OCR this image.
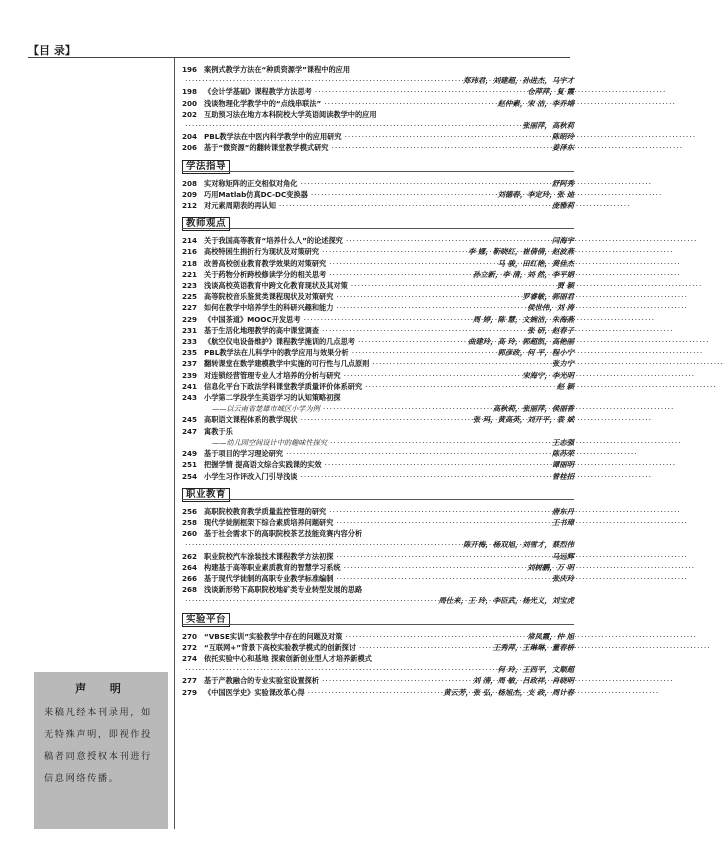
【目 录】
196 案例式教学方法在“种质资源学”课程中的应用
·····
郑玮君，刘建超，孙进杰，马宇才
198 《会计学基础》课程教学方法思考 ·····	仓萍萍，复 霞
200 浅谈物理化学教学中的“点线串联法” ·····	赵仲素，宋 洁，李乔靖
202 互助预习法在地方本科院校大学英语阅读教学中的应用
·····
张丽萍，高秋莉
204 PBL教学法在中医内科学教学中的应用研究 ·····	陈昭玲
206 基于“微资源”的翻转课堂教学模式研究 ·····	姜泽东
学法指导
208 实对称矩阵的正交相似对角化 ·····	舒阿秀
209 巧用Matlab仿真DC-DC变换器 ·····	刘德春，李定玲，张 迪
212 对元素周期表的再认知 ·····	庞雅莉
教师观点
214 关于我国高等教育“培养什么人”的论述探究 ·····	闫海宇
216 高校特困生捐折行为现状及对策研究 ·····	李 娜，靳晓红，崔倩倩，赵波燕
218 改善高校创业教育教学效果的对策研究 ·····	马 骏，田红艳，黄佳杰
221 关于药物分析跨校修读学分的相关思考 ·····	孙立新，李 清，刘 然，李平娟
223 浅谈高校英语教育中跨文化教育现状及其对策 ·····	贾 颖
225 高等院校音乐鉴赏类课程现状及对策研究 ·····	罗睿敏，郭丽君
227 如何在教学中培养学生的科研兴趣和能力 ·····	侯世伟，刘 涛
229 《中国茶道》MOOC开发思考 ·····	周 婷，陈 慧，文婉洁，朱海燕
231 基于生活化地理教学的高中课堂调查 ·····	张 研，赵春子
233 《航空仪电设备维护》课程教学施训的几点思考 ·····	曲建玲，高 玲，郭超凯，高艳丽
235 PBL教学法在儿科学中的教学应用与效果分析 ·····	郭彦政，何 平，程小宁
237 翻转课堂在数学建模教学中实施的可行性与几点原则 ·····	张力宁
239 对连锁经营管理专业人才培养的分析与研究 ·····	宋海宁，李光明
241 信息化平台下政法学科课堂教学质量评价体系研究 ·····	赵 颖
243 小学第二学段学生英语学习的认知策略初探
——以云南省楚雄市城区小学为例 ·····	高秋莉，张丽萍，侯丽香
245 高职语文课程体系的教学现状 ·····	张 玛，黄高英，刘开平，袁 斌
247 寓教于乐
——幼儿园空间设计中的趣味性探究 ·····	王志强
249 基于项目的学习理论研究 ·····	陈苏荣
251 把握学情 提高语文综合实践课的实效 ·····	谭丽明
254 小学生习作评改入门引导浅谈 ·····	曾桂招
职业教育
256 高职院校教育教学质量监控管理的研究 ·····	唐东丹
258 现代学徒制框架下综合素质培养问题研究 ·····	王书璋
260 基于社会需求下的高职院校茶艺技能竞赛内容分析
·····
陈开梅，杨双旭，刘雪才，蔡烈伟
262 职业院校汽车涂装技术课程教学方法初探 ·····	马远辉
264 构建基于高等职业素质教育的智慧学习系统 ·····	刘树鹏，万 明
266 基于现代学徒制的高职专业教学标准编制 ·····	张庆玲
268 浅谈新形势下高职院校地矿类专业转型发展的思路
·····
周仕来，王 玲，李臣武，杨光义，刘宝虎
实验平台
270 “VBSE实训”实验教学中存在的问题及对策 ·····	常凤霞，仲 旭
272 “互联网+”背景下高校实验教学模式的创新探讨 ·····	王秀萍，王琳琳，董春桥
274 依托实验中心和基地 探索创新创业型人才培养新模式
·····
何 玲，王西平，文顺超
277 基于产教融合的专业实验室设置探析 ·····	刘 清，周 敏，吕政祥，肖晓明
279 《中国医学史》实验课改革心得 ·····	黄云芳，张 弘，杨旭杰，支 政，周计春
声 明
来稿凡经本刊录用，如无特殊声明，即视作投稿者同意授权本刊进行信息网络传播。
